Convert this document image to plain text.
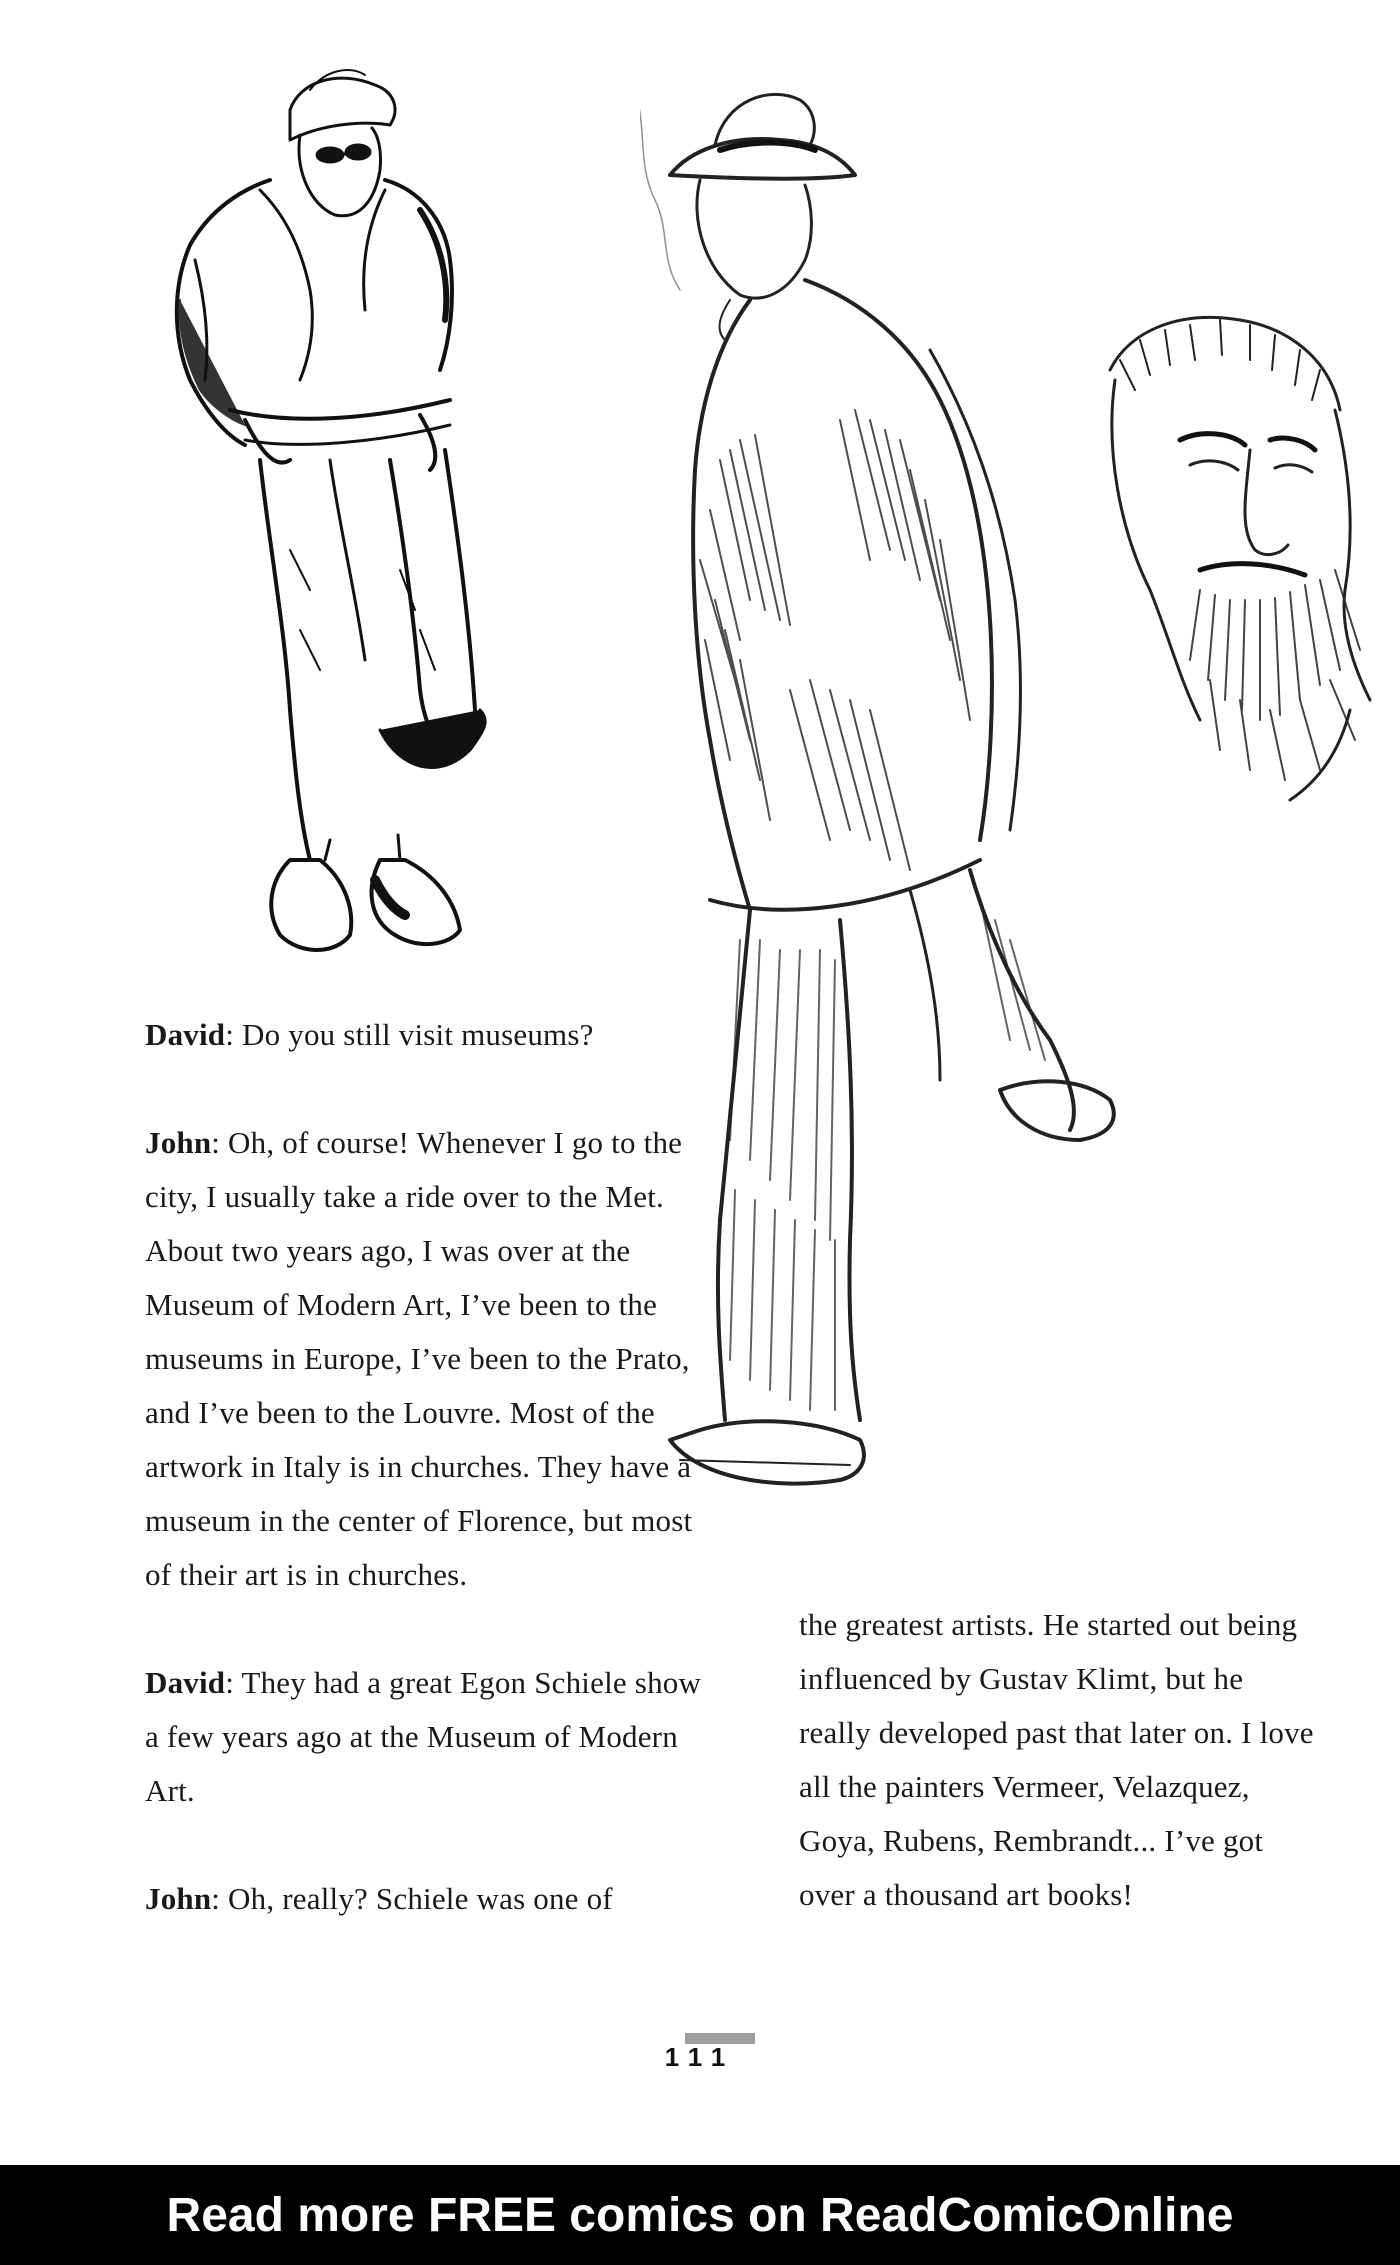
David: Do you still visit museums?

John: Oh, of course! Whenever I go to the city, I usually take a ride over to the Met. About two years ago, I was over at the Museum of Modern Art, I’ve been to the museums in Europe, I’ve been to the Prato, and I’ve been to the Louvre. Most of the artwork in Italy is in churches. They have a museum in the center of Florence, but most of their art is in churches.

David: They had a great Egon Schiele show a few years ago at the Museum of Modern Art.

John: Oh, really? Schiele was one of

the greatest artists. He started out being influenced by Gustav Klimt, but he really developed past that later on. I love all the painters Vermeer, Velazquez, Goya, Rubens, Rembrandt... I’ve got over a thousand art books!

111
Read more FREE comics on ReadComicOnline
